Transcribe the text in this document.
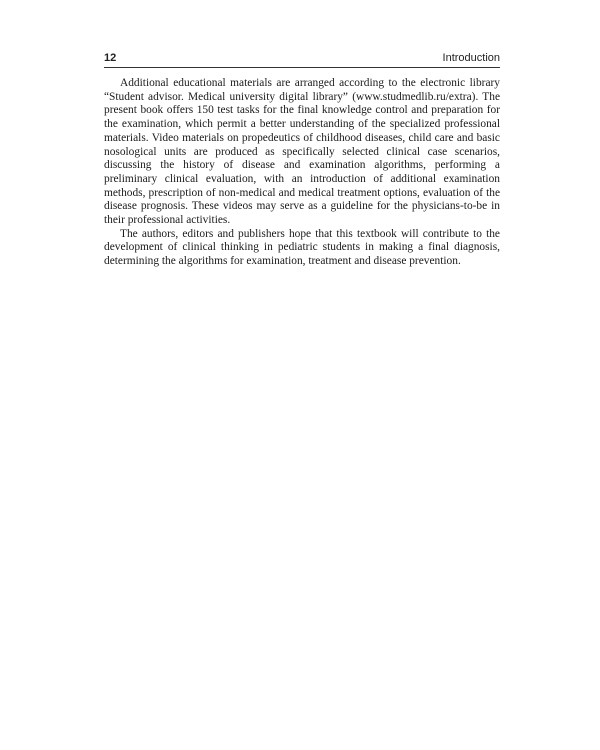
12	Introduction

Additional educational materials are arranged according to the electronic library “Student advisor. Medical university digital library” (www.studmedlib.ru/extra). The present book offers 150 test tasks for the final knowledge control and preparation for the examination, which permit a better understanding of the specialized professional materials. Video materials on propedeutics of childhood diseases, child care and basic nosological units are produced as specifically selected clinical case scenarios, discussing the history of disease and examination algorithms, performing a preliminary clinical evaluation, with an introduction of additional examination methods, prescription of non-medical and medical treatment options, evaluation of the disease prognosis. These videos may serve as a guideline for the physicians-to-be in their professional activities.

The authors, editors and publishers hope that this textbook will contribute to the development of clinical thinking in pediatric students in making a final diagnosis, determining the algorithms for examination, treatment and disease prevention.
